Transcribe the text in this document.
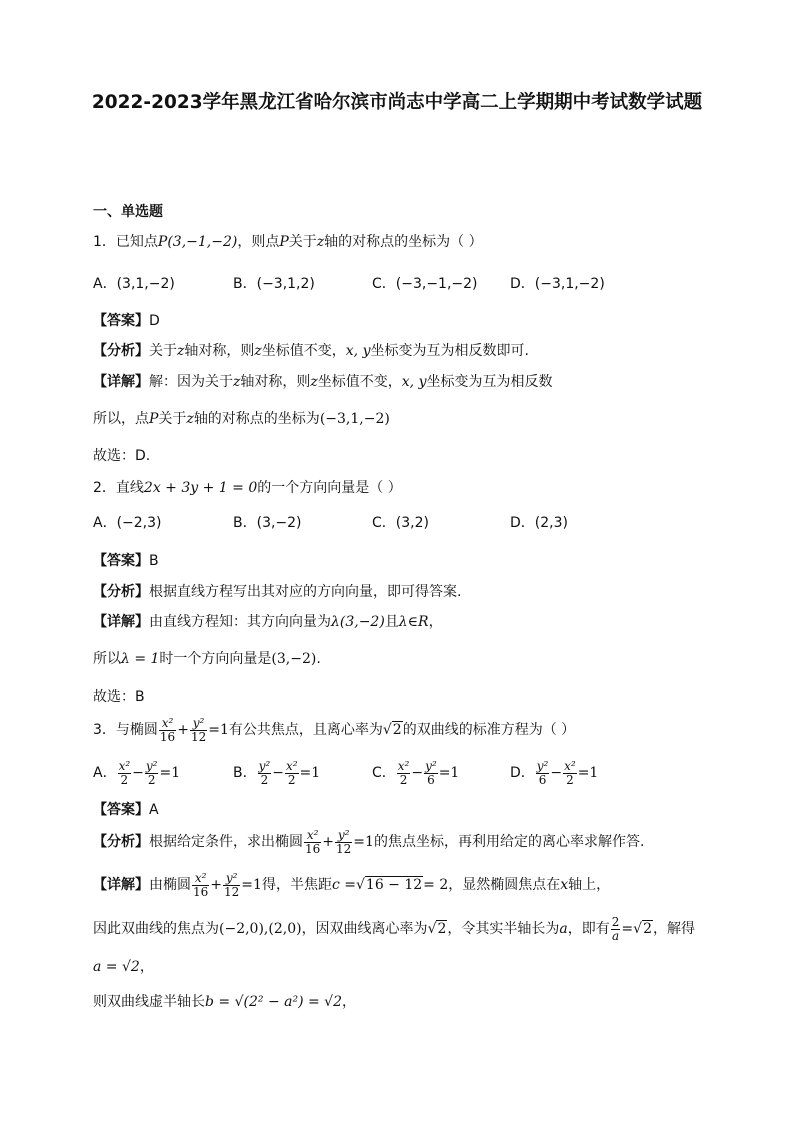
2022-2023学年黑龙江省哈尔滨市尚志中学高二上学期期中考试数学试题
一、单选题
1．已知点P(3,−1,−2)，则点P关于z轴的对称点的坐标为（ ）
A．(3,1,−2)	B．(−3,1,2)	C．(−3,−1,−2) D．(−3,1,−2)
【答案】D
【分析】关于z轴对称，则z坐标值不变，x, y坐标变为互为相反数即可.
【详解】解：因为关于z轴对称，则z坐标值不变，x, y坐标变为互为相反数
所以，点P关于z轴的对称点的坐标为(−3,1,−2)
故选：D.
2．直线2x + 3y + 1 = 0的一个方向向量是（ ）
A．(−2,3)	B．(3,−2)	C．(3,2)	D．(2,3)
【答案】B
【分析】根据直线方程写出其对应的方向向量，即可得答案.
【详解】由直线方程知：其方向向量为λ(3,−2)且λ∈R，
所以λ = 1时一个方向向量是(3,−2).
故选：B
3．与椭圆 $\frac{\text{x²}}{16} + \frac{\text{y²}}{12} =1$有公共焦点，且离心率为√2的双曲线的标准方程为（ ）
A． $\frac{\text{x²}}{2} - \frac{\text{y²}}{2} =1$	B． $\frac{\text{y²}}{2} - \frac{\text{x²}}{2} =1$	C． $\frac{\text{x²}}{2} - \frac{\text{y²}}{6} =1$	D． $\frac{\text{y²}}{6} - \frac{\text{x²}}{2} =1$
【答案】A
【分析】根据给定条件，求出椭圆 $\frac{\text{x²}}{16} + \frac{\text{y²}}{12} =1$的焦点坐标，再利用给定的离心率求解作答.
【详解】由椭圆 $\frac{\text{x²}}{16} + \frac{\text{y²}}{12} =1$得，半焦距c =√16 − 12= 2，显然椭圆焦点在x轴上，
因此双曲线的焦点为(−2,0),(2,0)，因双曲线离心率为√2，令其实半轴长为a，即有 $\frac{2}{a} =√2$，解得
a = √2，
则双曲线虚半轴长b = √(2² − a²) = √2，
